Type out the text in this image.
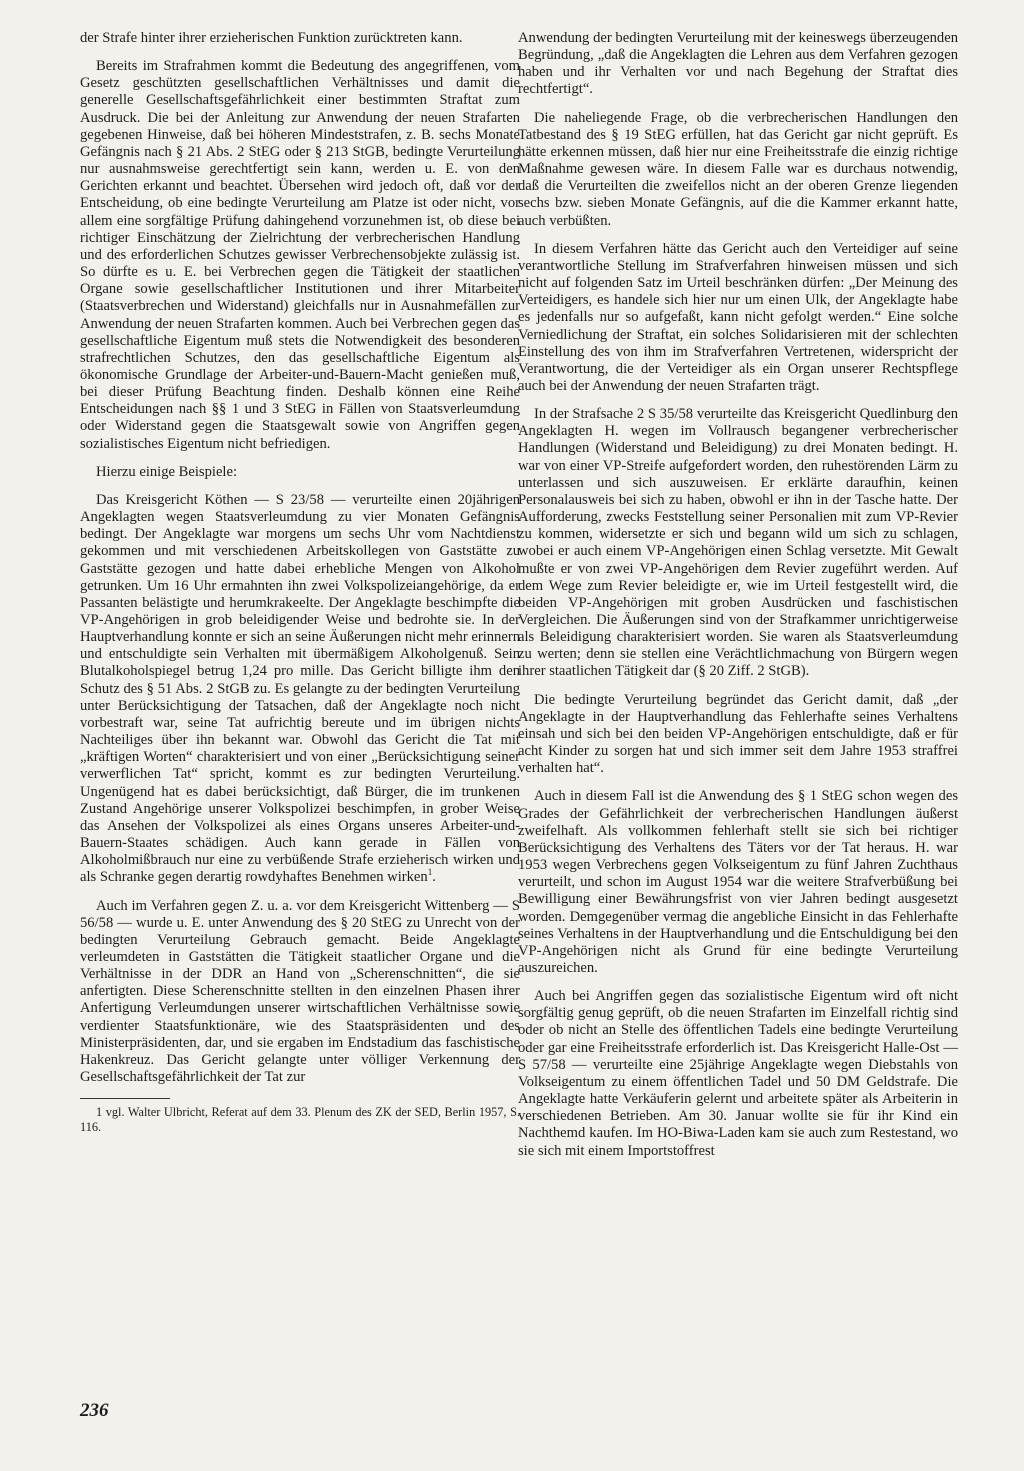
der Strafe hinter ihrer erzieherischen Funktion zurücktreten kann.

Bereits im Strafrahmen kommt die Bedeutung des angegriffenen, vom Gesetz geschützten gesellschaftlichen Verhältnisses und damit die generelle Gesellschaftsgefährlichkeit einer bestimmten Straftat zum Ausdruck. Die bei der Anleitung zur Anwendung der neuen Strafarten gegebenen Hinweise, daß bei höheren Mindeststrafen, z. B. sechs Monate Gefängnis nach § 21 Abs. 2 StEG oder § 213 StGB, bedingte Verurteilung nur ausnahmsweise gerechtfertigt sein kann, werden u. E. von den Gerichten erkannt und beachtet. Übersehen wird jedoch oft, daß vor der Entscheidung, ob eine bedingte Verurteilung am Platze ist oder nicht, vor allem eine sorgfältige Prüfung dahingehend vorzunehmen ist, ob diese bei richtiger Einschätzung der Zielrichtung der verbrecherischen Handlung und des erforderlichen Schutzes gewisser Verbrechensobjekte zulässig ist. So dürfte es u. E. bei Verbrechen gegen die Tätigkeit der staatlichen Organe sowie gesellschaftlicher Institutionen und ihrer Mitarbeiter (Staatsverbrechen und Widerstand) gleichfalls nur in Ausnahmefällen zur Anwendung der neuen Strafarten kommen. Auch bei Verbrechen gegen das gesellschaftliche Eigentum muß stets die Notwendigkeit des besonderen strafrechtlichen Schutzes, den das gesellschaftliche Eigentum als ökonomische Grundlage der Arbeiter-und-Bauern-Macht genießen muß, bei dieser Prüfung Beachtung finden. Deshalb können eine Reihe Entscheidungen nach §§ 1 und 3 StEG in Fällen von Staatsverleumdung oder Widerstand gegen die Staatsgewalt sowie von Angriffen gegen sozialistisches Eigentum nicht befriedigen.

Hierzu einige Beispiele:

Das Kreisgericht Köthen — S 23/58 — verurteilte einen 20jährigen Angeklagten wegen Staatsverleumdung zu vier Monaten Gefängnis bedingt. Der Angeklagte war morgens um sechs Uhr vom Nachtdienst gekommen und mit verschiedenen Arbeitskollegen von Gaststätte zu Gaststätte gezogen und hatte dabei erhebliche Mengen von Alkohol getrunken. Um 16 Uhr ermahnten ihn zwei Volkspolizeiangehörige, da er Passanten belästigte und herumkrakeelte. Der Angeklagte beschimpfte die VP-Angehörigen in grob beleidigender Weise und bedrohte sie. In der Hauptverhandlung konnte er sich an seine Äußerungen nicht mehr erinnern und entschuldigte sein Verhalten mit übermäßigem Alkoholgenuß. Sein Blutalkoholspiegel betrug 1,24 pro mille. Das Gericht billigte ihm den Schutz des § 51 Abs. 2 StGB zu. Es gelangte zu der bedingten Verurteilung unter Berücksichtigung der Tatsachen, daß der Angeklagte noch nicht vorbestraft war, seine Tat aufrichtig bereute und im übrigen nichts Nachteiliges über ihn bekannt war. Obwohl das Gericht die Tat mit „kräftigen Worten“ charakterisiert und von einer „Berücksichtigung seiner verwerflichen Tat“ spricht, kommt es zur bedingten Verurteilung. Ungenügend hat es dabei berücksichtigt, daß Bürger, die im trunkenen Zustand Angehörige unserer Volkspolizei beschimpfen, in grober Weise das Ansehen der Volkspolizei als eines Organs unseres Arbeiter-und-Bauern-Staates schädigen. Auch kann gerade in Fällen von Alkoholmißbrauch nur eine zu verbüßende Strafe erzieherisch wirken und als Schranke gegen derartig rowdyhaftes Benehmen wirken$^1$.

Auch im Verfahren gegen Z. u. a. vor dem Kreisgericht Wittenberg — S 56/58 — wurde u. E. unter Anwendung des § 20 StEG zu Unrecht von der bedingten Verurteilung Gebrauch gemacht. Beide Angeklagte verleumdeten in Gaststätten die Tätigkeit staatlicher Organe und die Verhältnisse in der DDR an Hand von „Scherenschnitten“, die sie anfertigten. Diese Scherenschnitte stellten in den einzelnen Phasen ihrer Anfertigung Verleumdungen unserer wirtschaftlichen Verhältnisse sowie verdienter Staatsfunktionäre, wie des Staatspräsidenten und des Ministerpräsidenten, dar, und sie ergaben im Endstadium das faschistische Hakenkreuz. Das Gericht gelangte unter völliger Verkennung der Gesellschaftsgefährlichkeit der Tat zur

1 vgl. Walter Ulbricht, Referat auf dem 33. Plenum des ZK der SED, Berlin 1957, S. 116.

Anwendung der bedingten Verurteilung mit der keineswegs überzeugenden Begründung, „daß die Angeklagten die Lehren aus dem Verfahren gezogen haben und ihr Verhalten vor und nach Begehung der Straftat dies rechtfertigt“.

Die naheliegende Frage, ob die verbrecherischen Handlungen den Tatbestand des § 19 StEG erfüllen, hat das Gericht gar nicht geprüft. Es hätte erkennen müssen, daß hier nur eine Freiheitsstrafe die einzig richtige Maßnahme gewesen wäre. In diesem Falle war es durchaus notwendig, daß die Verurteilten die zweifellos nicht an der oberen Grenze liegenden sechs bzw. sieben Monate Gefängnis, auf die die Kammer erkannt hatte, auch verbüßten.

In diesem Verfahren hätte das Gericht auch den Verteidiger auf seine verantwortliche Stellung im Strafverfahren hinweisen müssen und sich nicht auf folgenden Satz im Urteil beschränken dürfen: „Der Meinung des Verteidigers, es handele sich hier nur um einen Ulk, der Angeklagte habe es jedenfalls nur so aufgefaßt, kann nicht gefolgt werden.“ Eine solche Verniedlichung der Straftat, ein solches Solidarisieren mit der schlechten Einstellung des von ihm im Strafverfahren Vertretenen, widerspricht der Verantwortung, die der Verteidiger als ein Organ unserer Rechtspflege auch bei der Anwendung der neuen Strafarten trägt.

In der Strafsache 2 S 35/58 verurteilte das Kreisgericht Quedlinburg den Angeklagten H. wegen im Vollrausch begangener verbrecherischer Handlungen (Widerstand und Beleidigung) zu drei Monaten bedingt. H. war von einer VP-Streife aufgefordert worden, den ruhestörenden Lärm zu unterlassen und sich auszuweisen. Er erklärte daraufhin, keinen Personalausweis bei sich zu haben, obwohl er ihn in der Tasche hatte. Der Aufforderung, zwecks Feststellung seiner Personalien mit zum VP-Revier zu kommen, widersetzte er sich und begann wild um sich zu schlagen, wobei er auch einem VP-Angehörigen einen Schlag versetzte. Mit Gewalt mußte er von zwei VP-Angehörigen dem Revier zugeführt werden. Auf dem Wege zum Revier beleidigte er, wie im Urteil festgestellt wird, die beiden VP-Angehörigen mit groben Ausdrücken und faschistischen Vergleichen. Die Äußerungen sind von der Strafkammer unrichtigerweise als Beleidigung charakterisiert worden. Sie waren als Staatsverleumdung zu werten; denn sie stellen eine Verächtlichmachung von Bürgern wegen ihrer staatlichen Tätigkeit dar (§ 20 Ziff. 2 StGB).

Die bedingte Verurteilung begründet das Gericht damit, daß „der Angeklagte in der Hauptverhandlung das Fehlerhafte seines Verhaltens einsah und sich bei den beiden VP-Angehörigen entschuldigte, daß er für acht Kinder zu sorgen hat und sich immer seit dem Jahre 1953 straffrei verhalten hat“.

Auch in diesem Fall ist die Anwendung des § 1 StEG schon wegen des Grades der Gefährlichkeit der verbrecherischen Handlungen äußerst zweifelhaft. Als vollkommen fehlerhaft stellt sie sich bei richtiger Berücksichtigung des Verhaltens des Täters vor der Tat heraus. H. war 1953 wegen Verbrechens gegen Volkseigentum zu fünf Jahren Zuchthaus verurteilt, und schon im August 1954 war die weitere Strafverbüßung bei Bewilligung einer Bewährungsfrist von vier Jahren bedingt ausgesetzt worden. Demgegenüber vermag die angebliche Einsicht in das Fehlerhafte seines Verhaltens in der Hauptverhandlung und die Entschuldigung bei den VP-Angehörigen nicht als Grund für eine bedingte Verurteilung auszureichen.

Auch bei Angriffen gegen das sozialistische Eigentum wird oft nicht sorgfältig genug geprüft, ob die neuen Strafarten im Einzelfall richtig sind oder ob nicht an Stelle des öffentlichen Tadels eine bedingte Verurteilung oder gar eine Freiheitsstrafe erforderlich ist. Das Kreisgericht Halle-Ost — S 57/58 — verurteilte eine 25jährige Angeklagte wegen Diebstahls von Volkseigentum zu einem öffentlichen Tadel und 50 DM Geldstrafe. Die Angeklagte hatte Verkäuferin gelernt und arbeitete später als Arbeiterin in verschiedenen Betrieben. Am 30. Januar wollte sie für ihr Kind ein Nachthemd kaufen. Im HO-Biwa-Laden kam sie auch zum Restestand, wo sie sich mit einem Importstoffrest

236
